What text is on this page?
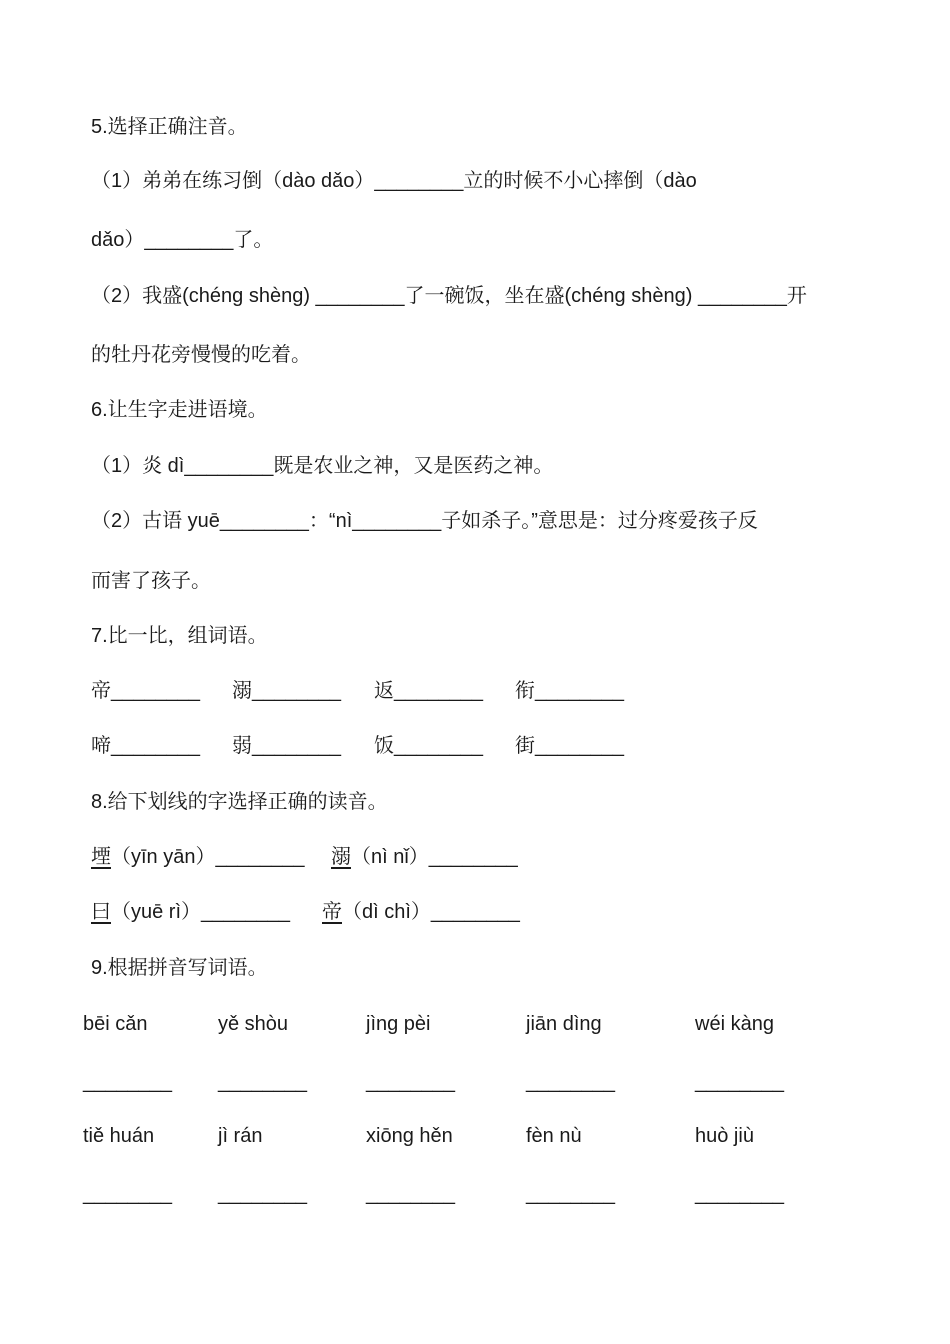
5.选择正确注音。
（1）弟弟在练习倒（dào dǎo）________立的时候不小心摔倒（dào
dǎo）________了。
（2）我盛(chéng shèng) ________了一碗饭，坐在盛(chéng shèng) ________开
的牡丹花旁慢慢的吃着。
6.让生字走进语境。
（1）炎 dì________既是农业之神，又是医药之神。
（2）古语 yuē________：“nì________子如杀子。”意思是：过分疼爱孩子反
而害了孩子。
7.比一比，组词语。
帝________ 溺________ 返________ 衔________
啼________ 弱________ 饭________ 街________
8.给下划线的字选择正确的读音。
堙（yīn yān）________ 溺（nì nǐ）________
曰（yuē rì）________ 帝（dì chì）________
9.根据拼音写词语。
bēi cǎn	yě shòu	jìng pèi	jiān dìng	wéi kàng
________ ________	________	________	________
tiě huán	jì rán	xiōng hěn	fèn nù	huò jiù
________ ________	________	________	________
